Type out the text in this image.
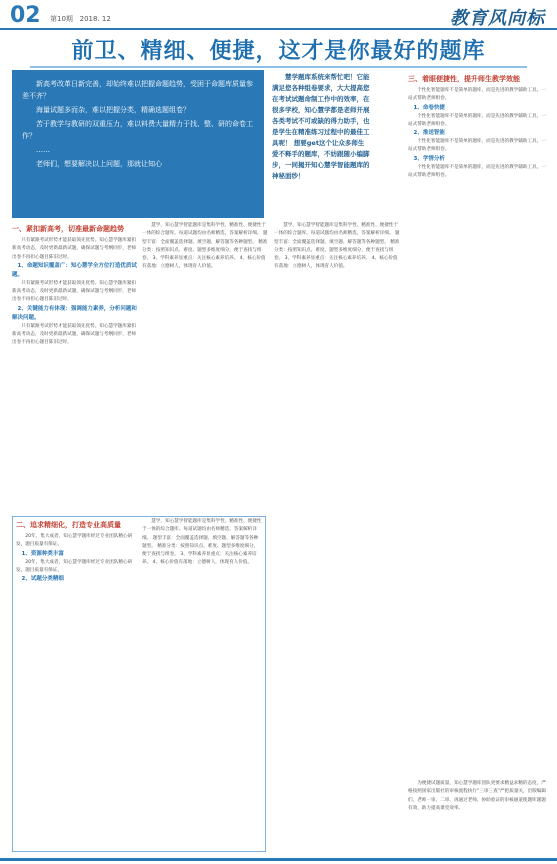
02 第10期 2018. 12	教育风向标
前卫、精细、便捷，这才是你最好的题库

新高考改革日新完善，却始终难以把握命题趋势，受困于命题库质量参差不齐？

海量试题多而杂，难以把握分类，精确选题组卷？

苦于教学与教研的双重压力，难以料费大量精力于找、整、研的命卷工作？

……

老师们，想要解决以上问题，那就让知心

慧学题库系统来帮忙吧！它能满足您各种组卷要求，大大提高您在考试试题命制工作中的效率，在很多学校，知心慧学都是老师开展各类考试不可或缺的得力助手，也是学生在精准练习过程中的最佳工具呢！ 想要get这个让众多师生爱不释手的题库，不妨跟随小编脚步，一同揭开知心慧学智能题库的神秘面纱！

一、紧扣新高考，切准最新命题趋势

只有紧跟考试形势才能获取领先优势。知心慧学题库紧扣新高考动态，及时更新最新试题，确保试题与考纲同步，老师出卷不再担心题目陈旧过时。

1、命题知识覆盖广：知心慧学全方位打造优质试题。

只有紧跟考试形势才能获取领先优势。知心慧学题库紧扣新高考动态，及时更新最新试题，确保试题与考纲同步，老师出卷不再担心题目陈旧过时。

2、关键能力有体现：强调能力素养，分析问题和解决问题。

只有紧跟考试形势才能获取领先优势。知心慧学题库紧扣新高考动态，及时更新最新试题，确保试题与考纲同步，老师出卷不再担心题目陈旧过时。

慧学，知心慧学智能题库是集科学性、精准性、便捷性于一体的综合题库。每道试题均由名师精选，答案解析详细。 题型丰富：全面覆盖选择题、填空题、解答题等各种题型。 精准分类：按照知识点、难度、题型多维度细分，便于查找与组卷。 3、学科素养显重点：关注核心素养培养。 4、核心价值有落地：立德树人，体现育人价值。

二、追求精细化，打造专业高质量

20年，集大成者，知心慧学题库经过专业团队精心研发，题目质量有保证。

1、资源种类丰富

20年，集大成者，知心慧学题库经过专业团队精心研发，题目质量有保证。

2、试题分类精细

慧学，知心慧学智能题库是集科学性、精准性、便捷性于一体的综合题库。每道试题均由名师精选，答案解析详细。 题型丰富：全面覆盖选择题、填空题、解答题等各种题型。 精准分类：按照知识点、难度、题型多维度细分，便于查找与组卷。 3、学科素养显重点：关注核心素养培养。 4、核心价值有落地：立德树人，体现育人价值。

慧学，知心慧学智能题库是集科学性、精准性、便捷性于一体的综合题库。每道试题均由名师精选，答案解析详细。 题型丰富：全面覆盖选择题、填空题、解答题等各种题型。 精准分类：按照知识点、难度、题型多维度细分，便于查找与组卷。 3、学科素养显重点：关注核心素养培养。 4、核心价值有落地：立德树人，体现育人价值。

三、着眼便捷性，提升师生教学效能

个性化智能题库不是简单的题库，而是先进的教学辅助工具，一站式帮助老师组卷。

1、命卷快捷

个性化智能题库不是简单的题库，而是先进的教学辅助工具，一站式帮助老师组卷。

2、推送智能

个性化智能题库不是简单的题库，而是先进的教学辅助工具，一站式帮助老师组卷。

3、学情分析

个性化智能题库不是简单的题库，而是先进的教学辅助工具，一站式帮助老师组卷。

为便捷试题质量，知心慧学题库团队更要求精益求精的态度，严格按照国家出版社的审核流程执行“三审三查”严把质量关，出版编辑们，老师一审、二审、再通过老师，协助验证的审核通道使题库题题有效，助力提高课堂效率。
